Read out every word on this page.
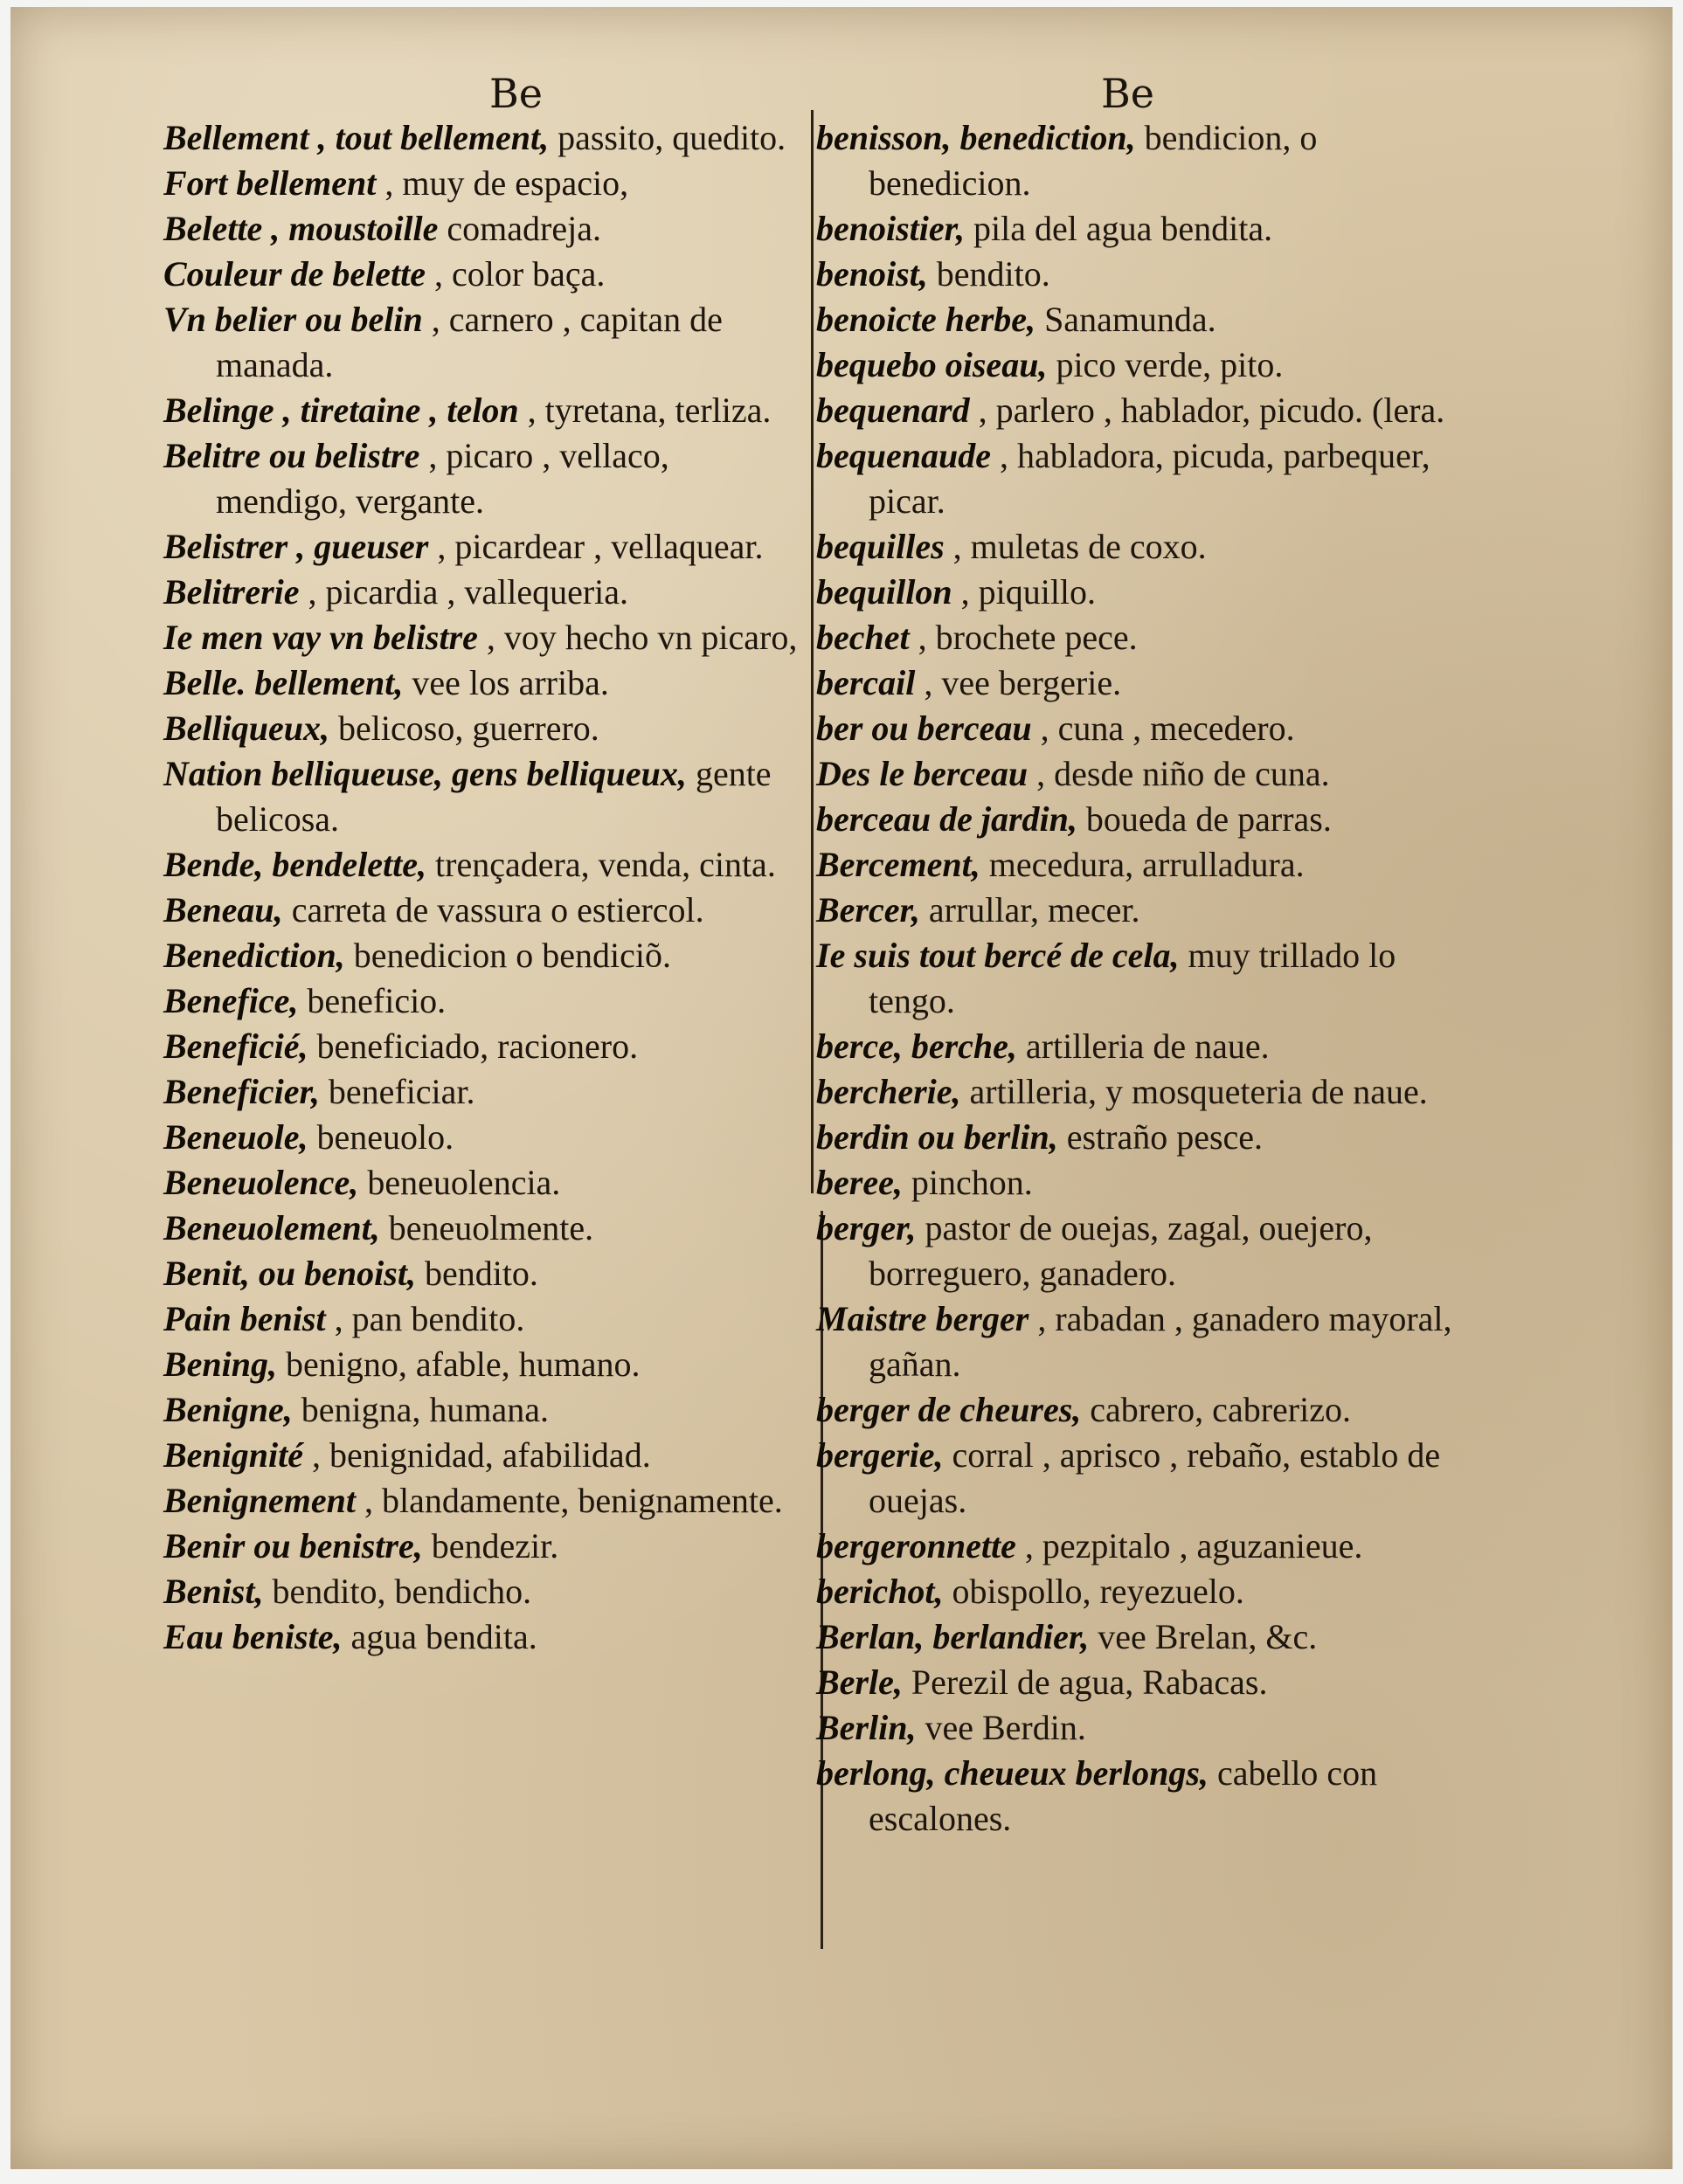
Be	Be
Bellement , tout bellement, passito, quedito.
Fort bellement , muy de espacio,
Belette , moustoille comadreja.
Couleur de belette , color baça.
Vn belier ou belin , carnero , capitan de manada.
Belinge , tiretaine , telon , tyretana, terliza.
Belitre ou belistre , picaro , vellaco, mendigo, vergante.
Belistrer , gueuser , picardear , vellaquear.
Belitrerie , picardia , vallequeria.
Ie men vay vn belistre , voy hecho vn picaro,
Belle. bellement, vee los arriba.
Belliqueux, belicoso, guerrero.
Nation belliqueuse, gens belliqueux, gente belicosa.
Bende, bendelette, trençadera, venda, cinta.
Beneau, carreta de vassura o estiercol.
Benediction, benedicion o bendiciõ.
Benefice, beneficio.
Beneficié, beneficiado, racionero.
Beneficier, beneficiar.
Beneuole, beneuolo.
Beneuolence, beneuolencia.
Beneuolement, beneuolmente.
Benit, ou benoist, bendito.
Pain benist , pan bendito.
Bening, benigno, afable, humano.
Benigne, benigna, humana.
Benignité , benignidad, afabilidad.
Benignement , blandamente, benignamente.
Benir ou benistre, bendezir.
Benist, bendito, bendicho.
Eau beniste, agua bendita.
benisson, benediction, bendicion, o benedicion.
benoistier, pila del agua bendita.
benoist, bendito.
benoicte herbe, Sanamunda.
bequebo oiseau, pico verde, pito.
bequenard , parlero , hablador, picudo. (lera.
bequenaude , habladora, picuda, parbequer, picar.
bequilles , muletas de coxo.
bequillon , piquillo.
bechet , brochete pece.
bercail , vee bergerie.
ber ou berceau , cuna , mecedero.
Des le berceau , desde niño de cuna.
berceau de jardin, boueda de parras.
Bercement, mecedura, arrulladura.
Bercer, arrullar, mecer.
Ie suis tout bercé de cela, muy trillado lo tengo.
berce, berche, artilleria de naue.
bercherie, artilleria, y mosqueteria de naue.
berdin ou berlin, estraño pesce.
beree, pinchon.
berger, pastor de ouejas, zagal, ouejero, borreguero, ganadero.
Maistre berger , rabadan , ganadero mayoral, gañan.
berger de cheures, cabrero, cabrerizo.
bergerie, corral , aprisco , rebaño, establo de ouejas.
bergeronnette , pezpitalo , aguzanieue.
berichot, obispollo, reyezuelo.
Berlan, berlandier, vee Brelan, &c.
Berle, Perezil de agua, Rabacas.
Berlin, vee Berdin.
berlong, cheueux berlongs, cabello con escalones.
